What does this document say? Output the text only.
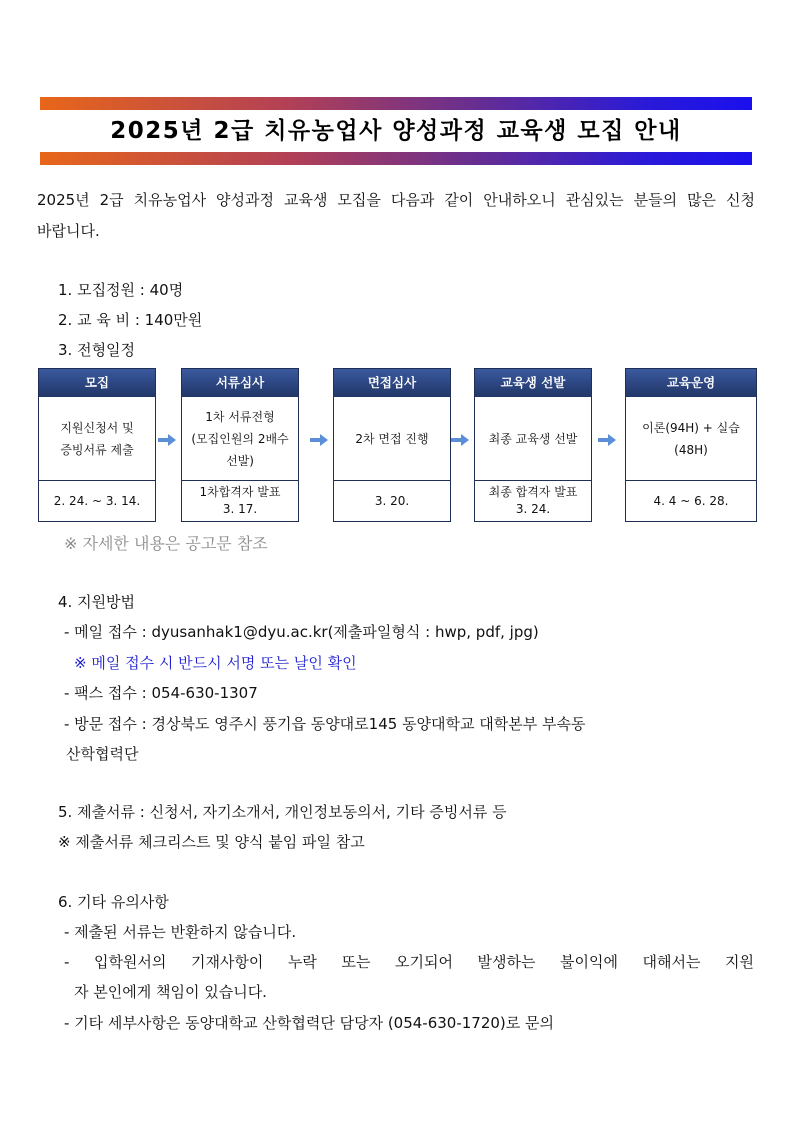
2025년 2급 치유농업사 양성과정 교육생 모집 안내
2025년 2급 치유농업사 양성과정 교육생 모집을 다음과 같이 안내하오니 관심있는 분들의 많은 신청 바랍니다.
1. 모집정원 : 40명
2. 교 육 비 : 140만원
3. 전형일정
모집
지원신청서 및
증빙서류 제출
2. 24. ~ 3. 14.
서류심사
1차 서류전형
(모집인원의 2배수
선발)
1차합격자 발표
3. 17.
면접심사
2차 면접 진행
3. 20.
교육생 선발
최종 교육생 선발
최종 합격자 발표
3. 24.
교육운영
이론(94H) + 실습(48H)
4. 4 ~ 6. 28.
※ 자세한 내용은 공고문 참조
4. 지원방법
- 메일 접수 : dyusanhak1@dyu.ac.kr(제출파일형식 : hwp, pdf, jpg)
※ 메일 접수 시 반드시 서명 또는 날인 확인
- 팩스 접수 : 054-630-1307
- 방문 접수 : 경상북도 영주시 풍기읍 동양대로145 동양대학교 대학본부 부속동
산학협력단
5. 제출서류 : 신청서, 자기소개서, 개인정보동의서, 기타 증빙서류 등
※ 제출서류 체크리스트 및 양식 붙임 파일 참고
6. 기타 유의사항
- 제출된 서류는 반환하지 않습니다.
- 입학원서의 기재사항이 누락 또는 오기되어 발생하는 불이익에 대해서는 지원
자 본인에게 책임이 있습니다.
- 기타 세부사항은 동양대학교 산학협력단 담당자 (054-630-1720)로 문의
